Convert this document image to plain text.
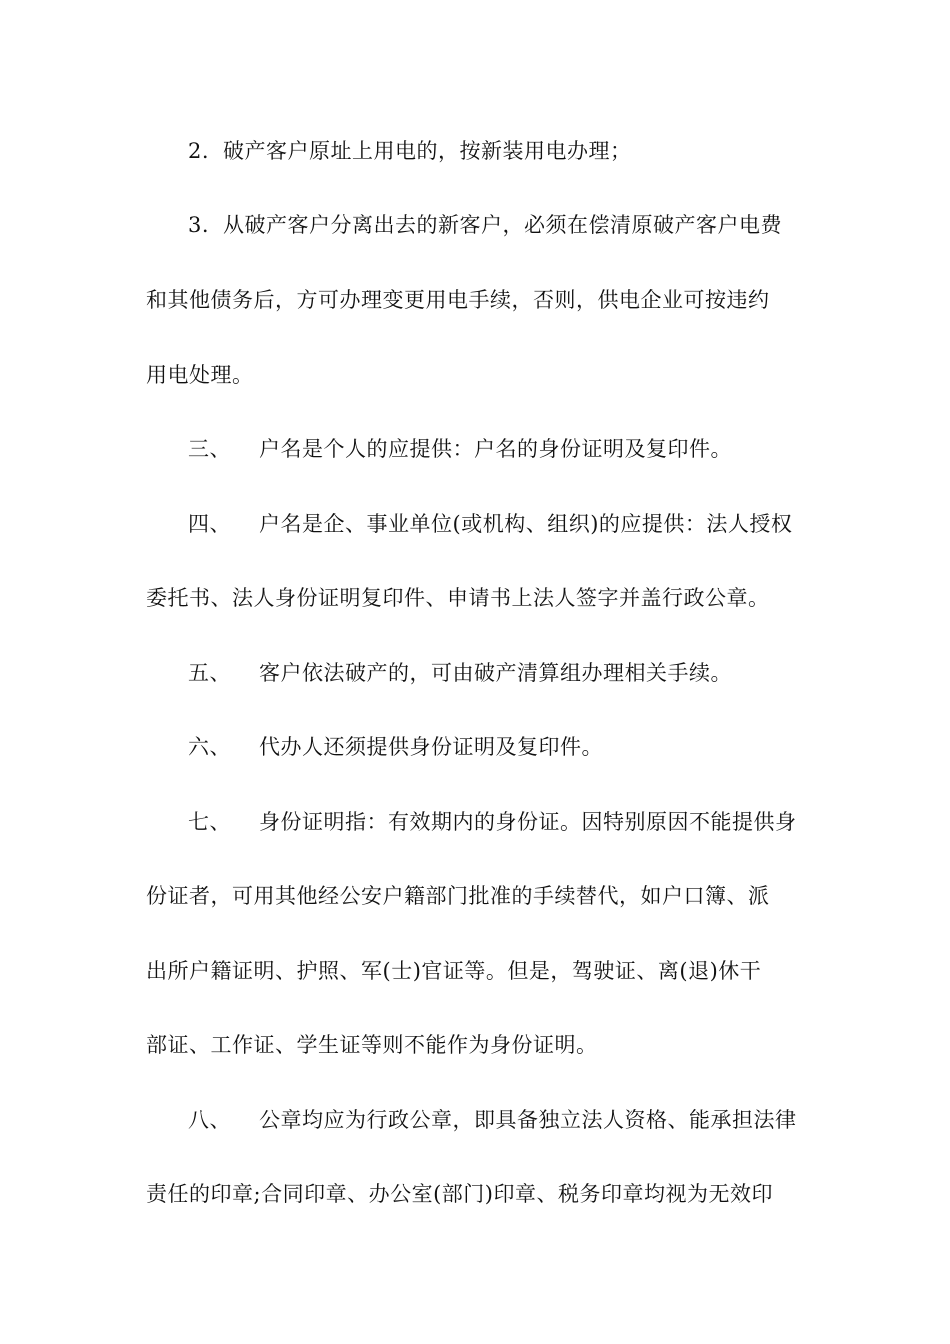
2. 破产客户原址上用电的，按新装用电办理；
3. 从破产客户分离出去的新客户，必须在偿清原破产客户电费
和其他债务后，方可办理变更用电手续，否则，供电企业可按违约
用电处理。
三、 户名是个人的应提供：户名的身份证明及复印件。
四、 户名是企、事业单位(或机构、组织)的应提供：法人授权
委托书、法人身份证明复印件、申请书上法人签字并盖行政公章。
五、 客户依法破产的，可由破产清算组办理相关手续。
六、 代办人还须提供身份证明及复印件。
七、 身份证明指：有效期内的身份证。因特别原因不能提供身
份证者，可用其他经公安户籍部门批准的手续替代，如户口簿、派
出所户籍证明、护照、军(士)官证等。但是，驾驶证、离(退)休干
部证、工作证、学生证等则不能作为身份证明。
八、 公章均应为行政公章，即具备独立法人资格、能承担法律
责任的印章;合同印章、办公室(部门)印章、税务印章均视为无效印
